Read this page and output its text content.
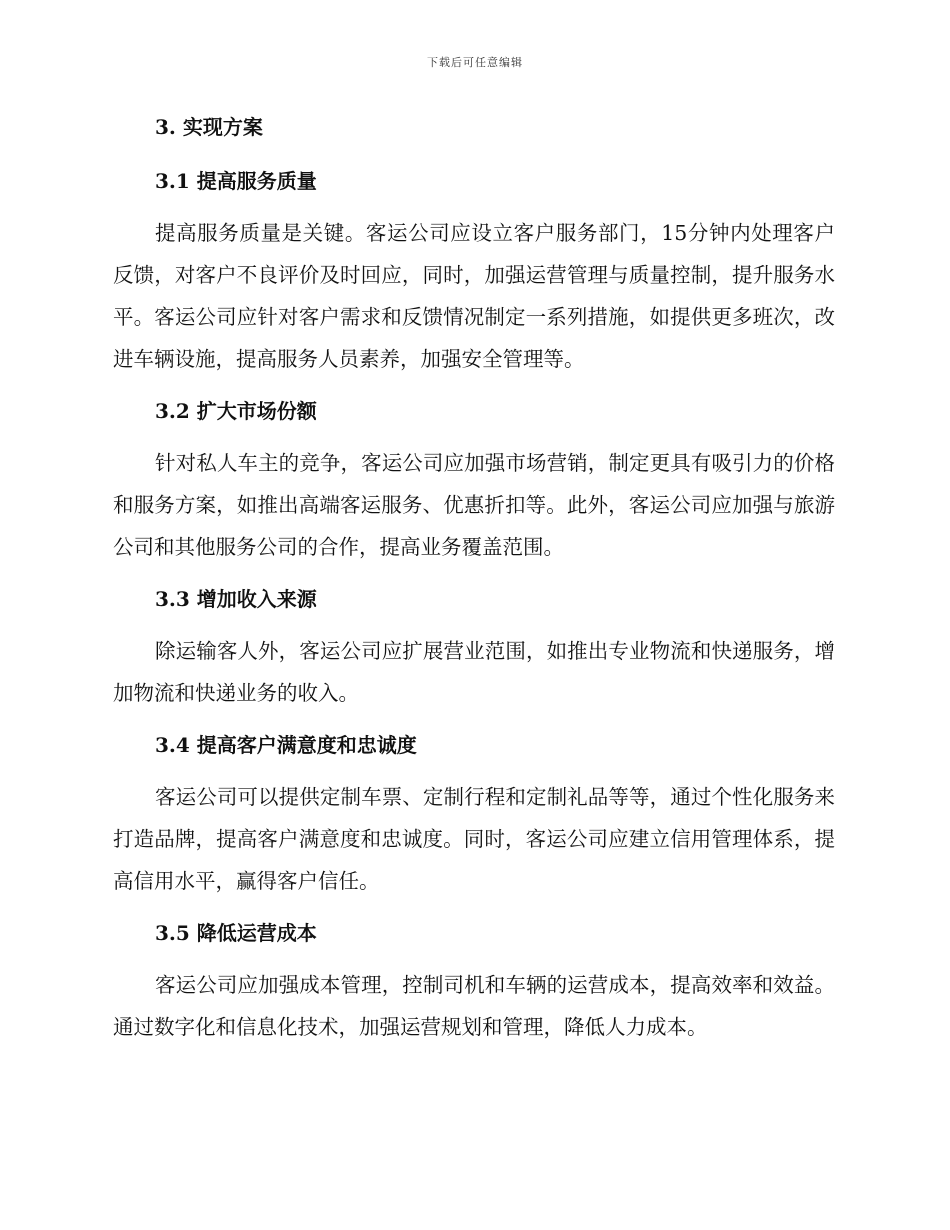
下载后可任意编辑
3. 实现方案
3.1 提高服务质量

提高服务质量是关键。客运公司应设立客户服务部门，15分钟内处理客户反馈，对客户不良评价及时回应，同时，加强运营管理与质量控制，提升服务水平。客运公司应针对客户需求和反馈情况制定一系列措施，如提供更多班次，改进车辆设施，提高服务人员素养，加强安全管理等。

3.2 扩大市场份额

针对私人车主的竞争，客运公司应加强市场营销，制定更具有吸引力的价格和服务方案，如推出高端客运服务、优惠折扣等。此外，客运公司应加强与旅游公司和其他服务公司的合作，提高业务覆盖范围。

3.3 增加收入来源

除运输客人外，客运公司应扩展营业范围，如推出专业物流和快递服务，增加物流和快递业务的收入。

3.4 提高客户满意度和忠诚度

客运公司可以提供定制车票、定制行程和定制礼品等等，通过个性化服务来打造品牌，提高客户满意度和忠诚度。同时，客运公司应建立信用管理体系，提高信用水平，赢得客户信任。

3.5 降低运营成本

客运公司应加强成本管理，控制司机和车辆的运营成本，提高效率和效益。通过数字化和信息化技术，加强运营规划和管理，降低人力成本。
